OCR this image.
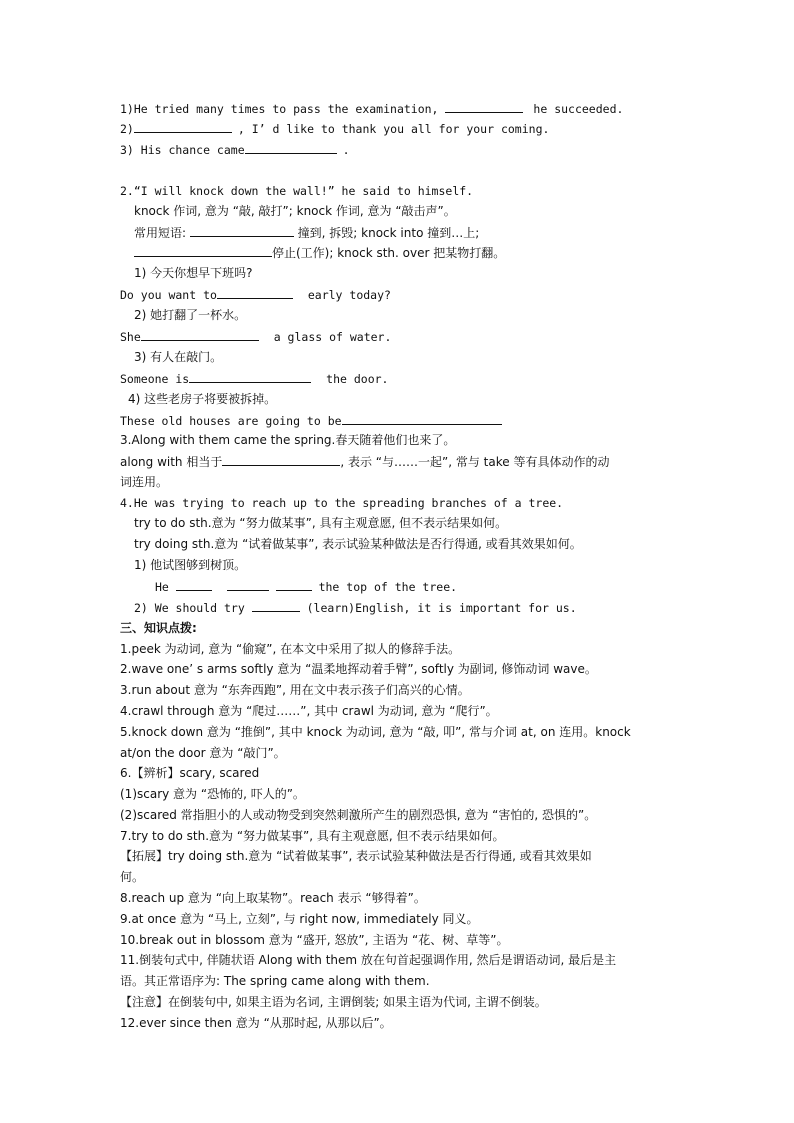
1)He tried many times to pass the examination,	he succeeded.
2)	, I’ d like to thank you all for your coming.
3) His chance came	.
2.“I will knock down the wall!” he said to himself.
knock 作词, 意为 “敲, 敲打”; knock 作词, 意为 “敲击声”。
常用短语:	撞到, 拆毁; knock into 撞到…上;
停止(工作); knock sth. over 把某物打翻。
1) 今天你想早下班吗?
Do you want to	early today?
2) 她打翻了一杯水。
She	a glass of water.
3) 有人在敲门。
Someone is	the door.
4) 这些老房子将要被拆掉。
These old houses are going to be
3.Along with them came the spring.春天随着他们也来了。
along with 相当于	, 表示 “与……一起”, 常与 take 等有具体动作的动
词连用。
4.He was trying to reach up to the spreading branches of a tree.
try to do sth.意为 “努力做某事”, 具有主观意愿, 但不表示结果如何。
try doing sth.意为 “试着做某事”, 表示试验某种做法是否行得通, 或看其效果如何。
1) 他试图够到树顶。
He	the top of the tree.
2) We should try	(learn)English, it is important for us.
三、知识点拨:
1.peek 为动词, 意为 “偷窥”, 在本文中采用了拟人的修辞手法。
2.wave one’ s arms softly 意为 “温柔地挥动着手臂”, softly 为副词, 修饰动词 wave。
3.run about 意为 “东奔西跑”, 用在文中表示孩子们高兴的心情。
4.crawl through 意为 “爬过……”, 其中 crawl 为动词, 意为 “爬行”。
5.knock down 意为 “推倒”, 其中 knock 为动词, 意为 “敲, 叩”, 常与介词 at, on 连用。knock
at/on the door 意为 “敲门”。
6.【辨析】scary, scared
(1)scary 意为 “恐怖的, 吓人的”。
(2)scared 常指胆小的人或动物受到突然刺激所产生的剧烈恐惧, 意为 “害怕的, 恐惧的”。
7.try to do sth.意为 “努力做某事”, 具有主观意愿, 但不表示结果如何。
【拓展】try doing sth.意为 “试着做某事”, 表示试验某种做法是否行得通, 或看其效果如
何。
8.reach up 意为 “向上取某物”。reach 表示 “够得着”。
9.at once 意为 “马上, 立刻”, 与 right now, immediately 同义。
10.break out in blossom 意为 “盛开, 怒放”, 主语为 “花、树、草等”。
11.倒装句式中, 伴随状语 Along with them 放在句首起强调作用, 然后是谓语动词, 最后是主
语。其正常语序为: The spring came along with them.
【注意】在倒装句中, 如果主语为名词, 主谓倒装; 如果主语为代词, 主谓不倒装。
12.ever since then 意为 “从那时起, 从那以后”。
